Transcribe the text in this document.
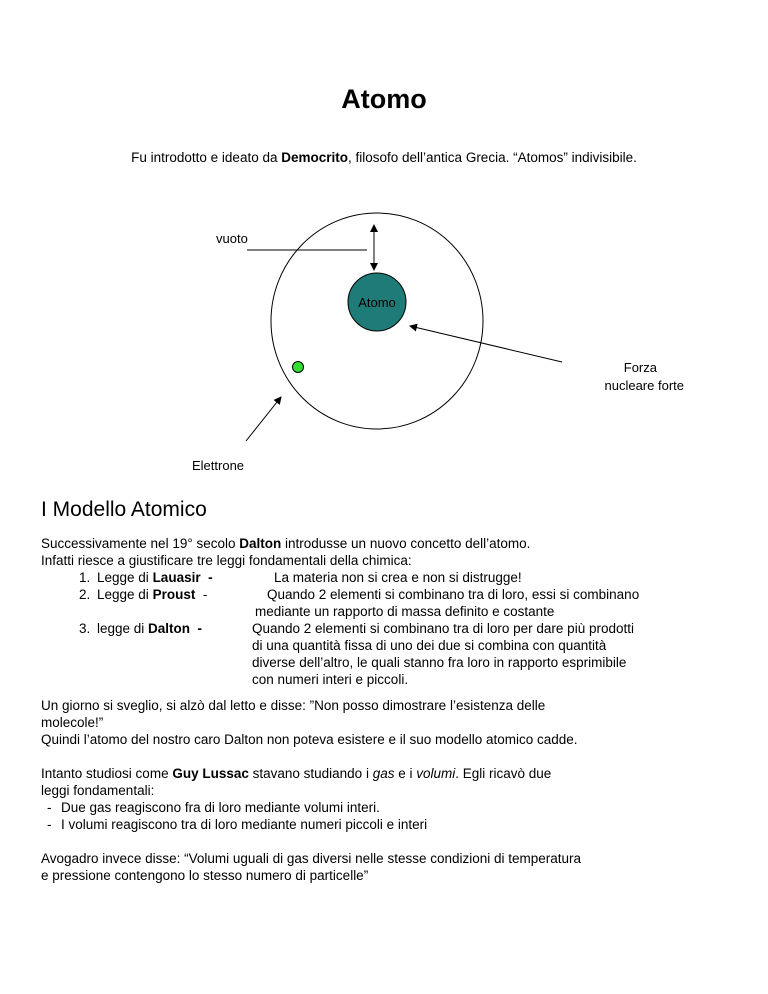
Atomo
Fu introdotto e ideato da Democrito, filosofo dell’antica Grecia. “Atomos” indivisibile.
Atomo
vuoto
Forza
nucleare forte
Elettrone
I Modello Atomico
Successivamente nel 19° secolo Dalton introdusse un nuovo concetto dell’atomo.
Infatti riesce a giustificare tre leggi fondamentali della chimica:
1. Legge di Lauasir  -	La materia non si crea e non si distrugge!
2. Legge di Proust  -	Quando 2 elementi si combinano tra di loro, essi si combinano
mediante un rapporto di massa definito e costante
3. legge di Dalton  -	Quando 2 elementi si combinano tra di loro per dare più prodotti
di una quantità fissa di uno dei due si combina con quantità
diverse dell’altro, le quali stanno fra loro in rapporto esprimibile
con numeri interi e piccoli.
Un giorno si sveglio, si alzò dal letto e disse: ”Non posso dimostrare l’esistenza delle
molecole!”
Quindi l’atomo del nostro caro Dalton non poteva esistere e il suo modello atomico cadde.
Intanto studiosi come Guy Lussac stavano studiando i gas e i volumi. Egli ricavò due
leggi fondamentali:
- Due gas reagiscono fra di loro mediante volumi interi.
- I volumi reagiscono tra di loro mediante numeri piccoli e interi
Avogadro invece disse: “Volumi uguali di gas diversi nelle stesse condizioni di temperatura
e pressione contengono lo stesso numero di particelle”
